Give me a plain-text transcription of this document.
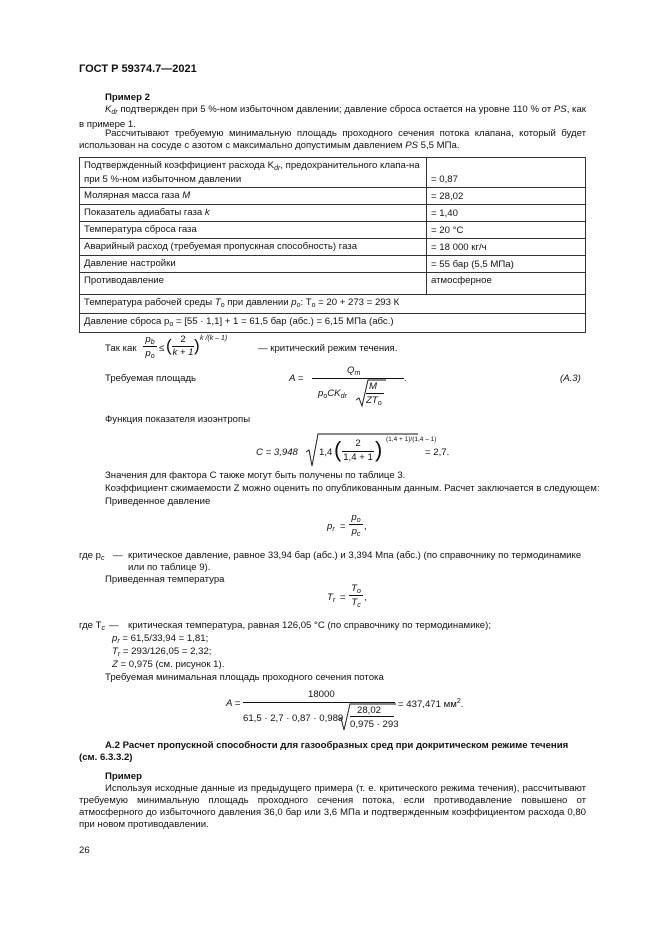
ГОСТ Р 59374.7—2021
Пример 2
$K_{dr}$ подтвержден при 5 %-ном избыточном давлении; давление сброса остается на уровне 110 % от PS, как в примере 1.
Рассчитывают требуемую минимальную площадь проходного сечения потока клапана, который будет использован на сосуде с азотом с максимально допустимым давлением PS 5,5 МПа.
Подтвержденный коэффициент расхода $K_{dr}$, предохранительного клапа-на при 5 %-ном избыточном давлении	= 0,87
Молярная масса газа M	= 28,02
Показатель адиабаты газа k	= 1,40
Температура сброса газа	= 20 °C
Аварийный расход (требуемая пропускная способность) газа	= 18 000 кг/ч
Давление настройки	= 55 бар (5,5 МПа)
Противодавление	атмосферное
Температура рабочей среды $T_o$ при давлении $p_o$: $T_o = 20 + 273 = 293$ К	
Давление сброса $p_o = [55 \cdot 1,1] + 1 = 61,5$ бар (абс.) = 6,15 МПа (абс.)	
Так как
$p_b$
$p_o$
≤ ( 2
k + 1 ) k /(k – 1)
— критический режим течения.
Требуемая площадь	A =
$Q_m$
$p_oCK_{dr}$
M
$ZT_o$
.	(A.3)
Функция показателя изоэнтропы
C = 3,948 1,4 ·
(	2
1,4 + 1 ) (1,4 + 1)/(1,4 – 1)
= 2,7.
Значения для фактора C также могут быть получены по таблице 3.
Коэффициент сжимаемости Z можно оценить по опубликованным данным. Расчет заключается в следующем:
Приведенное давление
$p_r$ =
$p_o$
$p_c$
,
где $p_c$ — критическое давление, равное 33,94 бар (абс.) и 3,394 Мпа (абс.) (по справочнику по термодинамике
или по таблице 9).
Приведенная температура
$T_r$ =
$T_o$
$T_c$
,
где $T_c$ — критическая температура, равная 126,05 °C (по справочнику по термодинамике);
$p_r = 61,5/33,94 = 1,81$;
$T_r = 293/126,05 = 2,32$;
Z = 0,975 (см. рисунок 1).
Требуемая минимальная площадь проходного сечения потока
A =
18000
61,5 · 2,7 · 0,87 · 0,989
28,02
0,975 · 293
= 437,471 $мм^2$.
А.2 Расчет пропускной способности для газообразных сред при докритическом режиме течения
(см. 6.3.3.2)
Пример
Используя исходные данные из предыдущего примера (т. е. критического режима течения), рассчитывают требуемую минимальную площадь проходного сечения потока, если противодавление повышено от атмосферного до избыточного давления 36,0 бар или 3,6 МПа и подтвержденным коэффициентом расхода 0,80 при новом противодавлении.
26
